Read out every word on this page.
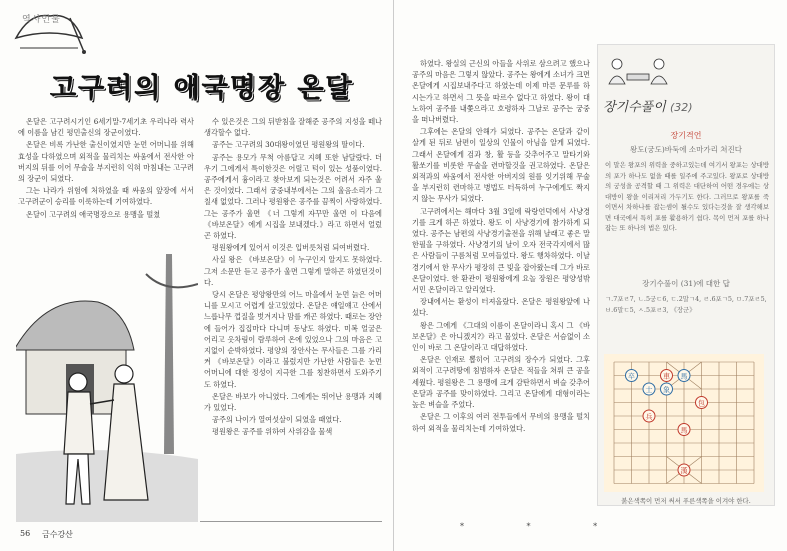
역사인물
고구려의 애국명장 온달

온달은 고구려시기인 6세기말-7세기초 우리나라 력사에 이름을 남긴 평민출신의 장군이였다.

온달은 비록 가난한 출신이였지만 눈먼 어머니를 위해 효성을 다하였으며 외적을 물리치는 싸움에서 전사한 아버지의 뒤를 이어 무술을 부지런히 익혀 마침내는 고구려의 장군이 되였다.

그는 나라가 위험에 처하였을 때 싸움의 앞장에 서서 고구려군이 승리를 이룩하는데 기여하였다.

온달이 고구려의 애국명장으로 용맹을 떨쳤

수 있은것은 그의 뒤받침을 잘해준 공주의 지성을 떼나 생각할수 없다.

공주는 고구려의 30대왕이였던 평원왕의 딸이다.

공주는 용모가 무척 아름답고 지혜 또한 남달랐다. 더우기 그에게서 특이한것은 어릴고 턱이 있는 성품이였다. 공주에게서 흉이라고 찾아보게 되는것은 어려서 자주 울은 것이였다. 그래서 궁중내부에서는 그의 울음소리가 그칠새 없었다. 그러나 평원왕은 공주를 끔찍이 사랑하였다. 그는 공주가 울면 《너 그렇게 자꾸만 울면 이 다음에 《바보온달》에게 시집을 보내겠다.》라고 하면서 얼렀 곤 하였다.

평원왕에게 있어서 이것은 입버릇처럼 되여버렸다.

사실 왕은 《바보온달》이 누구인지 알지도 못하였다. 그저 소문만 듣고 공주가 울면 그렇게 말하곤 하였던것이다.

당시 온달은 평양왕만의 어느 마을에서 눈먼 늙은 어머니를 모시고 어렵게 살고있었다. 온달은 얘일얘고 산에서 느릅나무 껍질을 벗겨지나 맘를 캐곤 하였다. 때로는 장안에 들어가 집집마다 다니며 동냥도 하였다. 미복 얼굴은 어리고 옷차림이 람루하여 온에 있었으나 그의 마음은 고지없이 순박하였다. 평양의 장안사는 무사들은 그를 가리켜 《바보온달》이라고 불렀지만 가난한 사람들은 눈먼 어머니에 대한 정성이 지극한 그를 칭찬하면서 도와주기도 하였다.

온달은 바보가 아니였다. 그에게는 뛰어난 용맹과 지혜가 있었다.

공주의 나이가 열여섯살이 되였을 때였다.

평원왕은 공주를 위하여 사위감을 물색

56 금수강산

하였다. 왕실의 근신의 아들을 사위로 삼으려고 했으나 공주의 마음은 그렇지 않았다. 공주는 왕에게 소녀가 크면 온달에게 시집보내주다고 하였는데 이제 마른 문루를 하시는가고 하면서 그 뜻을 따르수 없다고 하였다. 왕이 대노하여 공주를 내쫓으라고 호령하자 그날로 공주는 궁중을 떠나버렸다.

그후에는 온달의 안해가 되였다. 공주는 온달과 같이 살게 된 뒤로 남편이 일상의 인물이 아님을 알게 되였다. 그래서 온달에게 검과 창, 활 등을 갖추어주고 말타기와 활쏘기를 비롯한 무술을 련마할것을 권고하였다. 온달은 외적과의 싸움에서 전사한 아버지의 원를 잇기위해 무술을 부지런히 련마하고 병법도 터득하여 누구에게도 짝지지 않는 무사가 되였다.

고구려에서는 해마다 3월 3일에 락랑언덕에서 사냥경기를 크게 하곤 하였다. 왕도 이 사냥경기에 참가하게 되였다. 공주는 남편의 사냥경기출전을 위해 날래고 좋은 말 한필을 구하였다. 사냥경기의 날이 오자 전국각지에서 많은 사람들이 구름처럼 모여들었다. 왕도 행차하였다. 이날 경기에서 한 무사가 평장히 큰 빛을 잡아왔는데 그가 바로 온달이였다. 한 환관이 평원왕에게 요놀 장원은 평양성밖 서민 온달이라고 알리였다.

장내에서는 환성이 터져올랐다. 온달은 평원왕앞에 나섰다.

왕은 그에게 《그대의 이름이 온달이라니 혹시 그 《바보온달》은 아니겠지?》라고 물었다. 온달은 서슴없이 소인이 바로 그 온달이라고 대답하였다.

온달은 인재로 뽑히어 고구려의 장수가 되였다. 그후 외적이 고구려땅에 침범하자 온달은 적들을 쳐뤄 큰 공을 세웠다. 평원왕은 그 용맹에 크게 감탄하면서 벼슬 갖추어 온달과 공주를 맞이하였다. 그리고 온달에게 대형이라는 높은 벼슬을 주었다.

온달은 그 이후의 여러 전투들에서 무비의 용맹을 떨치하여 외적을 물리치는데 기여하였다.

*	*	*
장기수풀이 (32)
장기격언
왕도(궁도)바둑에 소마가리 쳐진다
이 말은 왕포의 위력을 중하고있는데 여기서 왕포는 상대방의 포가 하나도 없을 때를 일주에 주고있다. 왕포로 상대방의 궁성을 공격할 때 그 위력은 대단하여 어떤 경우에는 상대방이 왕을 이리저리 가두기도 한다. 그러므로 왕포를 죽이면서 차하나를 잡는셈이 될수도 있다는것을 잘 생각해보면 대국에서 특히 포를 활용하기 쉽다. 목이 먼저 포를 하나 잡는 또 하나의 법은 있다.
장기수풀이 (31)에 대한 답
ㄱ.7포ㄹ7, ㄴ.5궁ㄷ6, ㄷ.2말ㄱ4, ㄹ.6포ㄱ5, ㅁ.7포ㄹ5, ㅂ.6말ㄷ5, ㅅ.5포ㄹ3, 《장군》
卒
象
馬
士
車
包
兵
馬
漢
붉은색쪽이 먼저 써서 푸른색쪽을 이겨야 한다.
